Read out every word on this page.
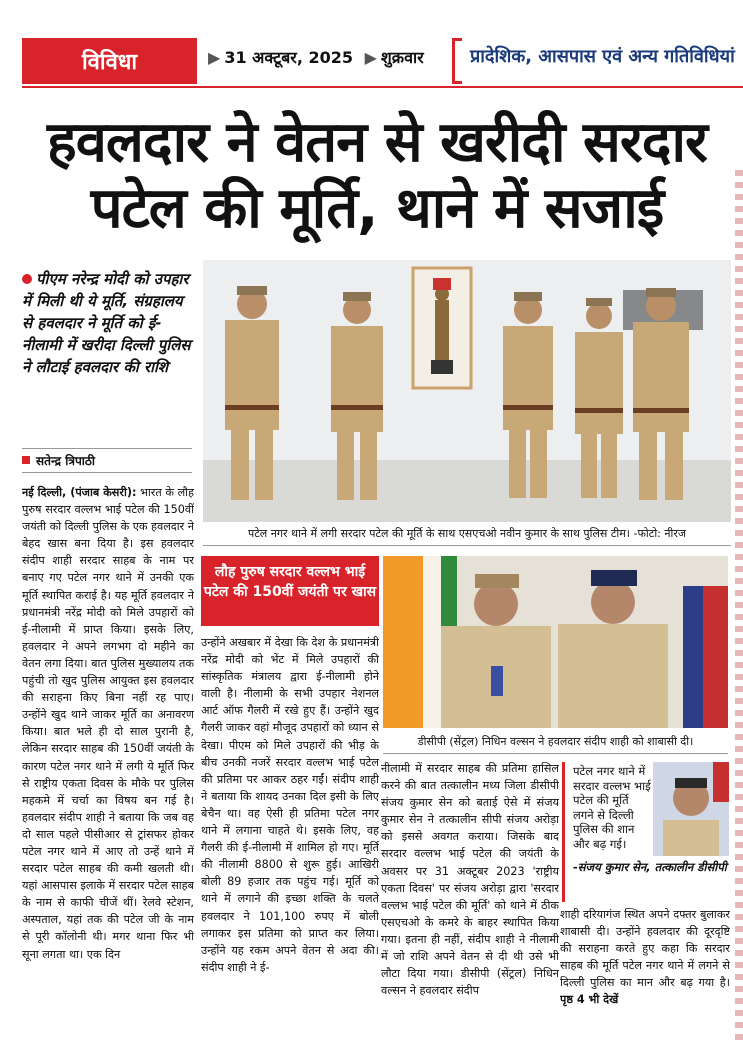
विविधा	▶ 31 अक्टूबर, 2025 ▶ शुक्रवार	प्रादेशिक, आसपास एवं अन्य गतिविधियां
हवलदार ने वेतन से खरीदी सरदार पटेल की मूर्ति, थाने में सजाई
पीएम नरेन्द्र मोदी को उपहार में मिली थी ये मूर्ति, संग्रहालय से हवलदार ने मूर्ति को ई-नीलामी में खरीदा दिल्ली पुलिस ने लौटाई हवलदार की राशि
सतेन्द्र त्रिपाठी
पटेल नगर थाने में लगी सरदार पटेल की मूर्ति के साथ एसएचओ नवीन कुमार के साथ पुलिस टीम। -फोटो: नीरज
लौह पुरुष सरदार वल्लभ भाई पटेल की 150वीं जयंती पर खास
डीसीपी (सेंट्रल) निधिन वल्सन ने हवलदार संदीप शाही को शाबासी दी।
नई दिल्ली, (पंजाब केसरी): भारत के लौह पुरुष सरदार वल्लभ भाई पटेल की 150वीं जयंती को दिल्ली पुलिस के एक हवलदार ने बेहद खास बना दिया है। इस हवलदार संदीप शाही सरदार साहब के नाम पर बनाए गए पटेल नगर थाने में उनकी एक मूर्ति स्थापित कराई है। यह मूर्ति हवलदार ने प्रधानमंत्री नरेंद्र मोदी को मिले उपहारों को ई-नीलामी में प्राप्त किया। इसके लिए, हवलदार ने अपने लगभग दो महीने का वेतन लगा दिया। बात पुलिस मुख्यालय तक पहुंची तो खुद पुलिस आयुक्त इस हवलदार की सराहना किए बिना नहीं रह पाए। उन्होंने खुद थाने जाकर मूर्ति का अनावरण किया। बात भले ही दो साल पुरानी है, लेकिन सरदार साहब की 150वीं जयंती के कारण पटेल नगर थाने में लगी ये मूर्ति फिर से राष्ट्रीय एकता दिवस के मौके पर पुलिस महकमे में चर्चा का विषय बन गई है। हवलदार संदीप शाही ने बताया कि जब वह दो साल पहले पीसीआर से ट्रांसफर होकर पटेल नगर थाने में आए तो उन्हें थाने में सरदार पटेल साहब की कमी खलती थी। यहां आसपास इलाके में सरदार पटेल साहब के नाम से काफी चीजें थीं। रेलवे स्टेशन, अस्पताल, यहां तक की पटेल जी के नाम से पूरी कॉलोनी थी। मगर थाना फिर भी सूना लगता था। एक दिन
उन्होंने अखबार में देखा कि देश के प्रधानमंत्री नरेंद्र मोदी को भेंट में मिले उपहारों की सांस्कृतिक मंत्रालय द्वारा ई-नीलामी होने वाली है। नीलामी के सभी उपहार नेशनल आर्ट ऑफ गैलरी में रखे हुए हैं। उन्होंने खुद गैलरी जाकर वहां मौजूद उपहारों को ध्यान से देखा। पीएम को मिले उपहारों की भीड़ के बीच उनकी नजरें सरदार वल्लभ भाई पटेल की प्रतिमा पर आकर ठहर गईं। संदीप शाही ने बताया कि शायद उनका दिल इसी के लिए बेचैन था। वह ऐसी ही प्रतिमा पटेल नगर थाने में लगाना चाहते थे। इसके लिए, वह गैलरी की ई-नीलामी में शामिल हो गए। मूर्ति की नीलामी 8800 से शुरू हुई। आखिरी बोली 89 हजार तक पहुंच गई। मूर्ति को थाने में लगाने की इच्छा शक्ति के चलते हवलदार ने 101,100 रुपए में बोली लगाकर इस प्रतिमा को प्राप्त कर लिया। उन्होंने यह रकम अपने वेतन से अदा की। संदीप शाही ने ई-
नीलामी में सरदार साहब की प्रतिमा हासिल करने की बात तत्कालीन मध्य जिला डीसीपी संजय कुमार सेन को बताई ऐसे में संजय कुमार सेन ने तत्कालीन सीपी संजय अरोड़ा को इससे अवगत कराया। जिसके बाद सरदार वल्लभ भाई पटेल की जयंती के अवसर पर 31 अक्टूबर 2023 'राष्ट्रीय एकता दिवस' पर संजय अरोड़ा द्वारा 'सरदार वल्लभ भाई पटेल की मूर्ति' को थाने में ठीक एसएचओ के कमरे के बाहर स्थापित किया गया। इतना ही नहीं, संदीप शाही ने नीलामी में जो राशि अपने वेतन से दी थी उसे भी लौटा दिया गया। डीसीपी (सेंट्रल) निधिन वल्सन ने हवलदार संदीप
पटेल नगर थाने में सरदार वल्लभ भाई पटेल की मूर्ति लगने से दिल्ली पुलिस की शान और बढ़ गई।
-संजय कुमार सेन, तत्कालीन डीसीपी
शाही दरियागंज स्थित अपने दफ्तर बुलाकर शाबासी दी। उन्होंने हवलदार की दूरदृष्टि की सराहना करते हुए कहा कि सरदार साहब की मूर्ति पटेल नगर थाने में लगने से दिल्ली पुलिस का मान और बढ़ गया है। पृष्ठ 4 भी देखें
